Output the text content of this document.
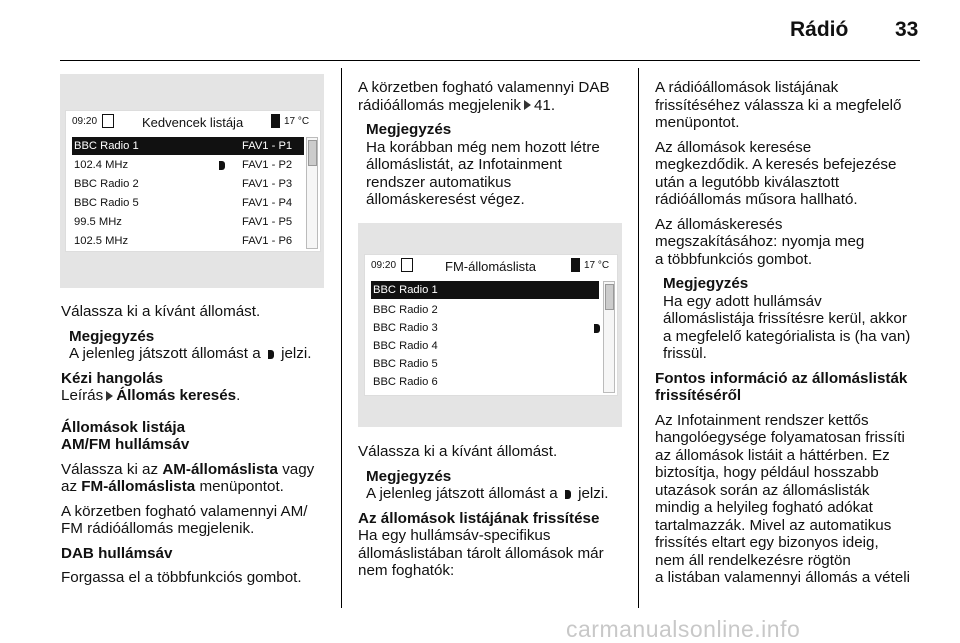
Rádió 33
09:20	Kedvencek listája	17 °C
BBC Radio 1	FAV1 - P1
102.4 MHz	FAV1 - P2
BBC Radio 2	FAV1 - P3
BBC Radio 5	FAV1 - P4
99.5 MHz	FAV1 - P5
102.5 MHz	FAV1 - P6

Válassza ki a kívánt állomást.

Megjegyzés

A jelenleg játszott állomást a jelzi.

Kézi hangolás

Leírás Állomás keresés.

Állomások listája

AM/FM hullámsáv

Válassza ki az AM-állomáslista vagy

az FM-állomáslista menüpontot.

A körzetben fogható valamennyi AM/

FM rádióállomás megjelenik.

DAB hullámsáv

Forgassa el a többfunkciós gombot.

A körzetben fogható valamennyi DAB

rádióállomás megjelenik 41.

Megjegyzés

Ha korábban még nem hozott létre

állomáslistát, az Infotainment

rendszer automatikus

állomáskeresést végez.

09:20	FM-állomáslista	17 °C
BBC Radio 1
BBC Radio 2
BBC Radio 3
BBC Radio 4
BBC Radio 5
BBC Radio 6

Válassza ki a kívánt állomást.

Megjegyzés

A jelenleg játszott állomást a jelzi.

Az állomások listájának frissítése

Ha egy hullámsáv-specifikus

állomáslistában tárolt állomások már

nem foghatók:

A rádióállomások listájának

frissítéséhez válassza ki a megfelelő

menüpontot.

Az állomások keresése

megkezdődik. A keresés befejezése

után a legutóbb kiválasztott

rádióállomás műsora hallható.

Az állomáskeresés

megszakításához: nyomja meg

a többfunkciós gombot.

Megjegyzés

Ha egy adott hullámsáv

állomáslistája frissítésre kerül, akkor

a megfelelő kategórialista is (ha van)

frissül.

Fontos információ az állomáslisták

frissítéséről

Az Infotainment rendszer kettős

hangolóegysége folyamatosan frissíti

az állomások listáit a háttérben. Ez

biztosítja, hogy például hosszabb

utazások során az állomáslisták

mindig a helyileg fogható adókat

tartalmazzák. Mivel az automatikus

frissítés eltart egy bizonyos ideig,

nem áll rendelkezésre rögtön

a listában valamennyi állomás a vételi

carmanualsonline.info
